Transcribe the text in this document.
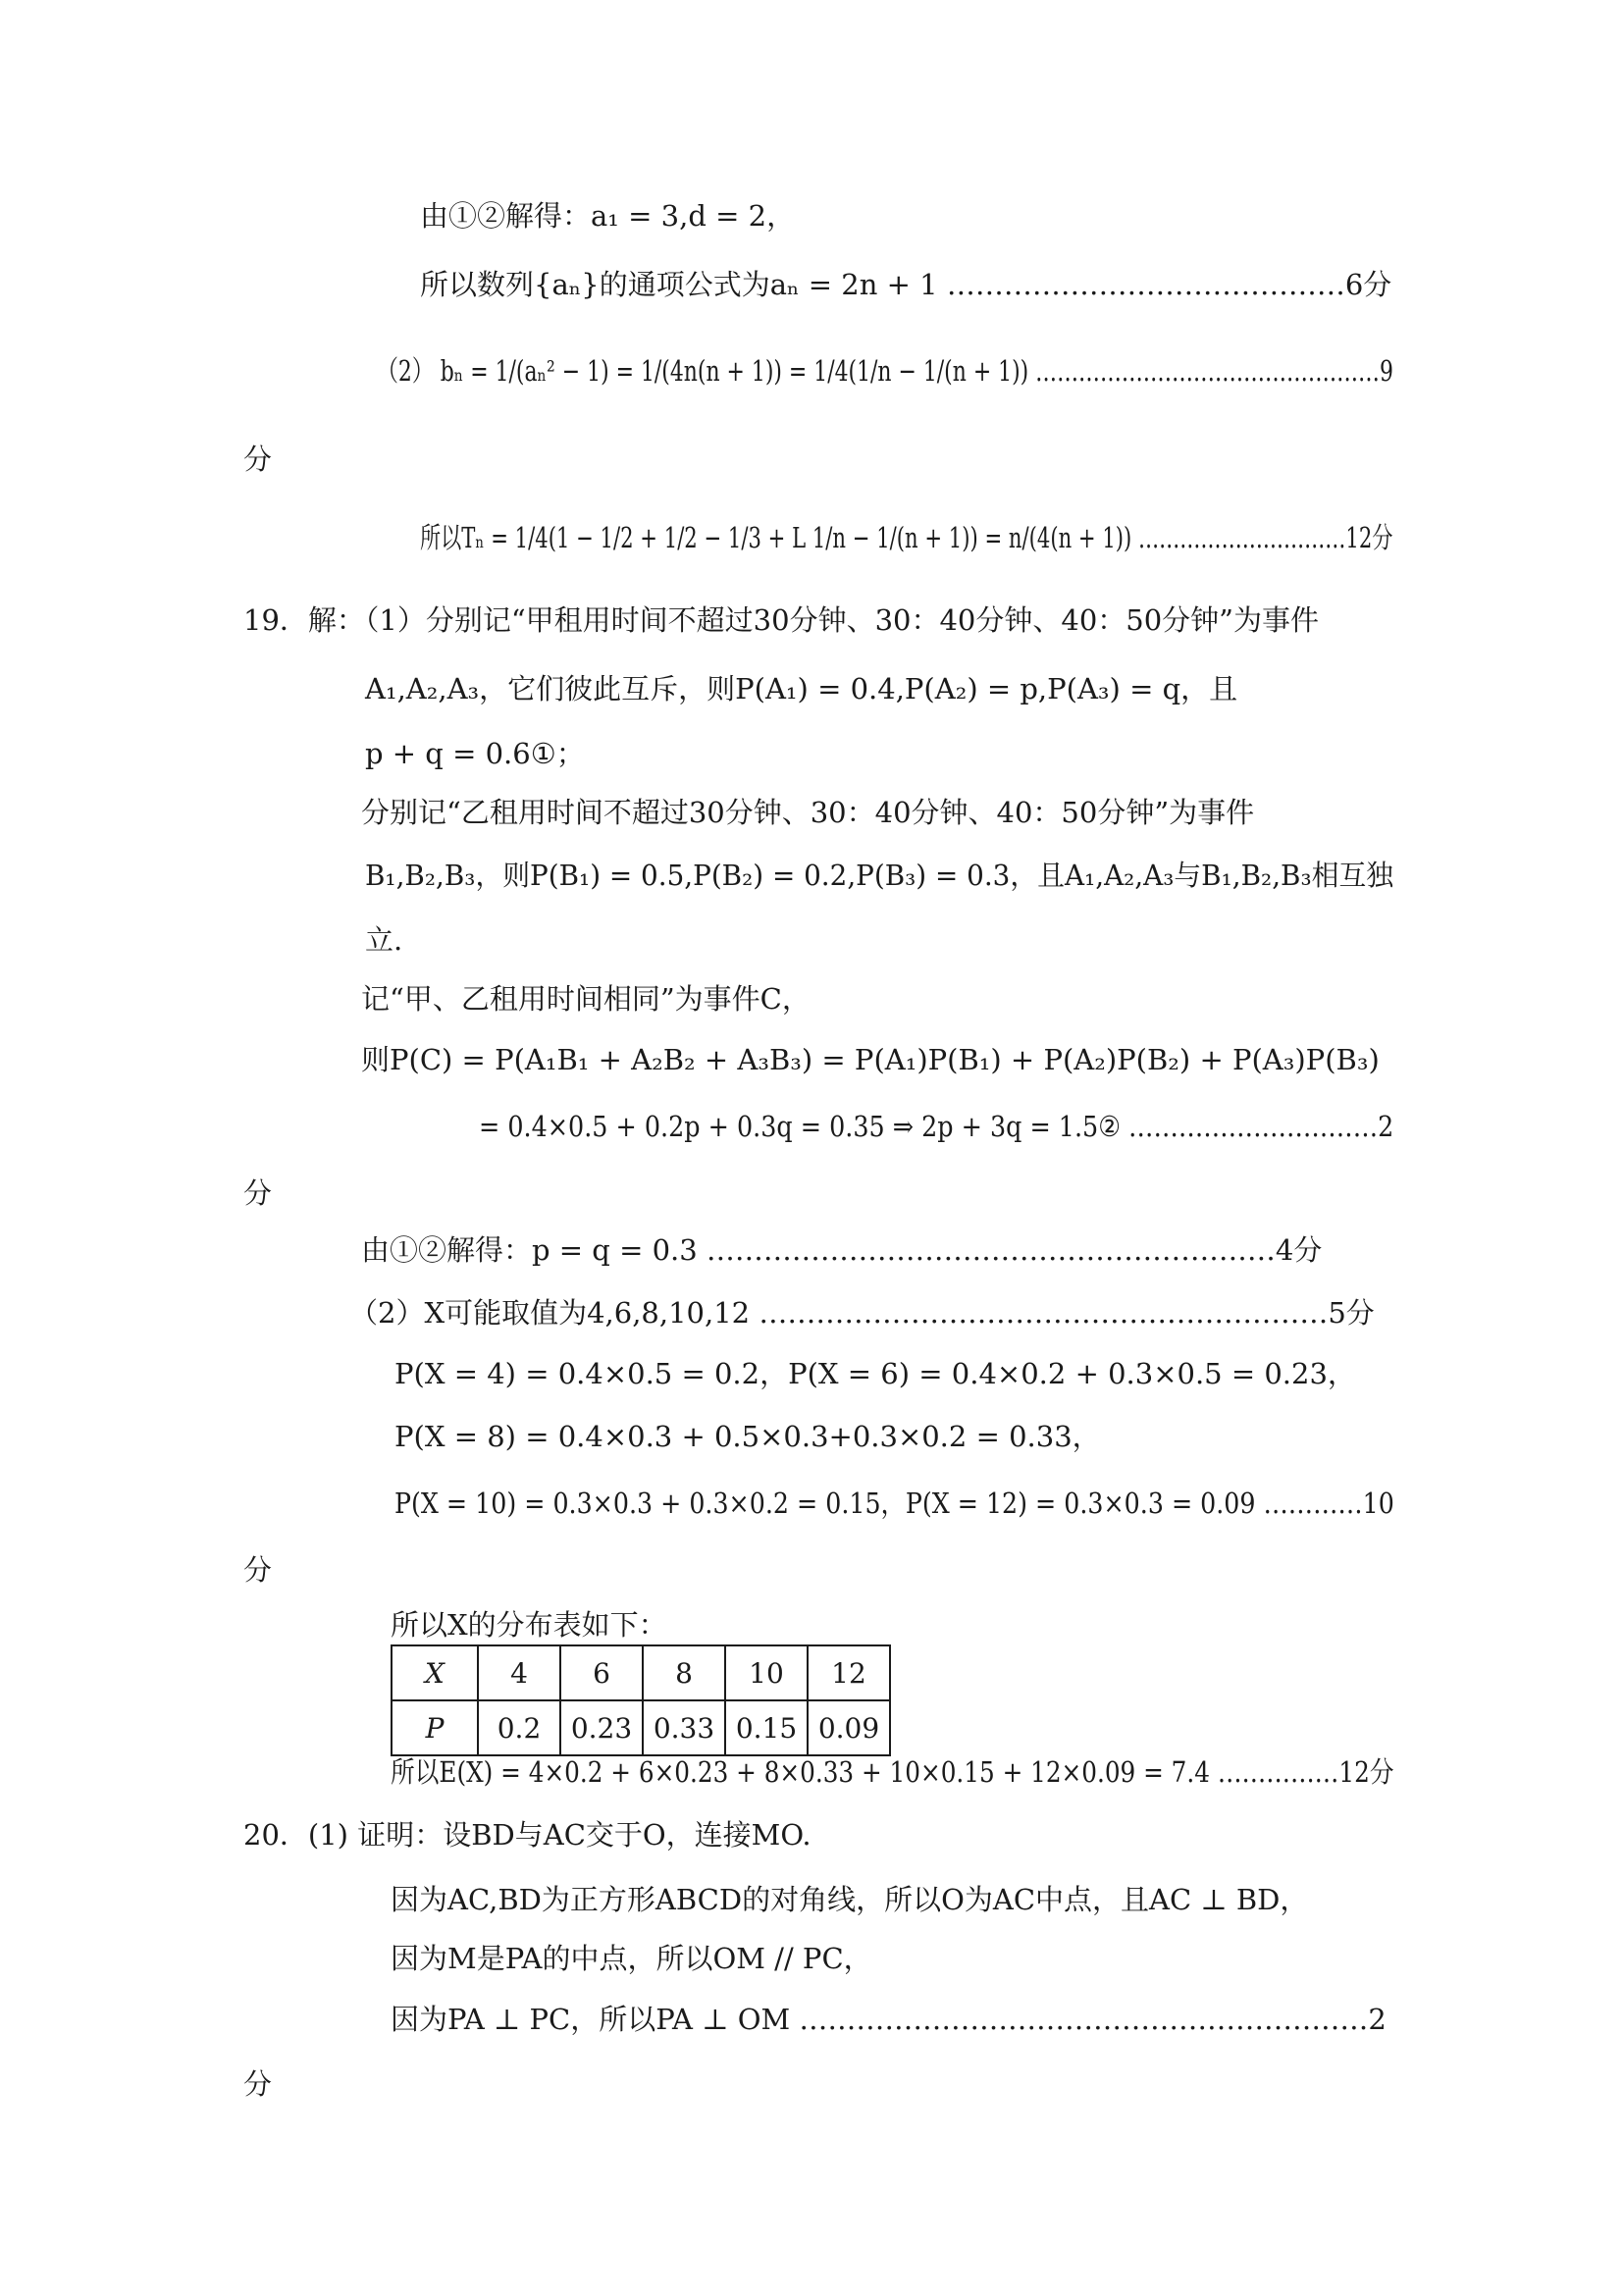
由①②解得：a₁ = 3,d = 2，
所以数列{aₙ}的通项公式为aₙ = 2n + 1 ……………………………………6分
（2） bₙ = 1/(aₙ² − 1) = 1/(4n(n + 1)) = 1/4(1/n − 1/(n + 1)) …………………………………………9
分
所以Tₙ = 1/4(1 − 1/2 + 1/2 − 1/3 + L 1/n − 1/(n + 1)) = n/(4(n + 1)) …………………………12分
19．解：（1）分别记“甲租用时间不超过30分钟、30：40分钟、40：50分钟”为事件
A₁,A₂,A₃，它们彼此互斥，则P(A₁) = 0.4,P(A₂) = p,P(A₃) = q，且
p + q = 0.6①；
分别记“乙租用时间不超过30分钟、30：40分钟、40：50分钟”为事件
B₁,B₂,B₃，则P(B₁) = 0.5,P(B₂) = 0.2,P(B₃) = 0.3，且A₁,A₂,A₃与B₁,B₂,B₃相互独
立.
记“甲、乙租用时间相同”为事件C，
则P(C) = P(A₁B₁ + A₂B₂ + A₃B₃) = P(A₁)P(B₁) + P(A₂)P(B₂) + P(A₃)P(B₃)
= 0.4×0.5 + 0.2p + 0.3q = 0.35 ⇒ 2p + 3q = 1.5② …………………………2
分
由①②解得：p = q = 0.3 ……………………………………………………4分
（2）X可能取值为4,6,8,10,12 ……………………………………………………5分
P(X = 4) = 0.4×0.5 = 0.2，P(X = 6) = 0.4×0.2 + 0.3×0.5 = 0.23，
P(X = 8) = 0.4×0.3 + 0.5×0.3+0.3×0.2 = 0.33，
P(X = 10) = 0.3×0.3 + 0.3×0.2 = 0.15，P(X = 12) = 0.3×0.3 = 0.09 …………10
分
所以X的分布表如下：
X	4	6	8	10	12
P	0.2	0.23	0.33	0.15	0.09
所以E(X) = 4×0.2 + 6×0.23 + 8×0.33 + 10×0.15 + 12×0.09 = 7.4 ……………12分
20．(1) 证明：设BD与AC交于O，连接MO.
因为AC,BD为正方形ABCD的对角线，所以O为AC中点，且AC ⊥ BD，
因为M是PA的中点，所以OM // PC，
因为PA ⊥ PC，所以PA ⊥ OM ……………………………………………………2
分
